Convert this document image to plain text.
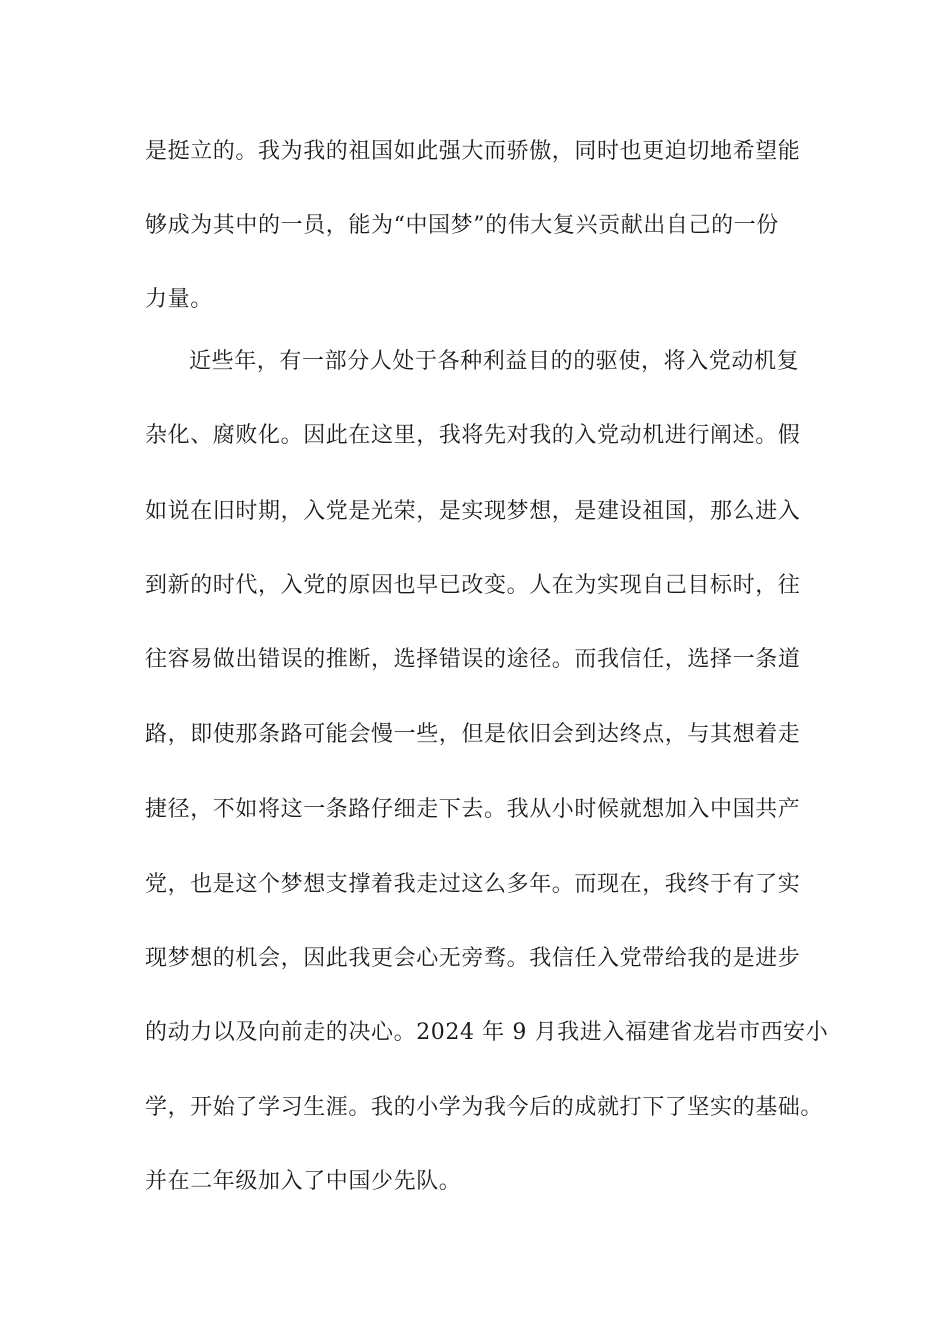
是挺立的。我为我的祖国如此强大而骄傲，同时也更迫切地希望能
够成为其中的一员，能为“中国梦”的伟大复兴贡献出自己的一份
力量。
近些年，有一部分人处于各种利益目的的驱使，将入党动机复
杂化、腐败化。因此在这里，我将先对我的入党动机进行阐述。假
如说在旧时期，入党是光荣，是实现梦想，是建设祖国，那么进入
到新的时代，入党的原因也早已改变。人在为实现自己目标时，往
往容易做出错误的推断，选择错误的途径。而我信任，选择一条道
路，即使那条路可能会慢一些，但是依旧会到达终点，与其想着走
捷径，不如将这一条路仔细走下去。我从小时候就想加入中国共产
党，也是这个梦想支撑着我走过这么多年。而现在，我终于有了实
现梦想的机会，因此我更会心无旁骛。我信任入党带给我的是进步
的动力以及向前走的决心。2024 年 9 月我进入福建省龙岩市西安小
学，开始了学习生涯。我的小学为我今后的成就打下了坚实的基础。
并在二年级加入了中国少先队。
